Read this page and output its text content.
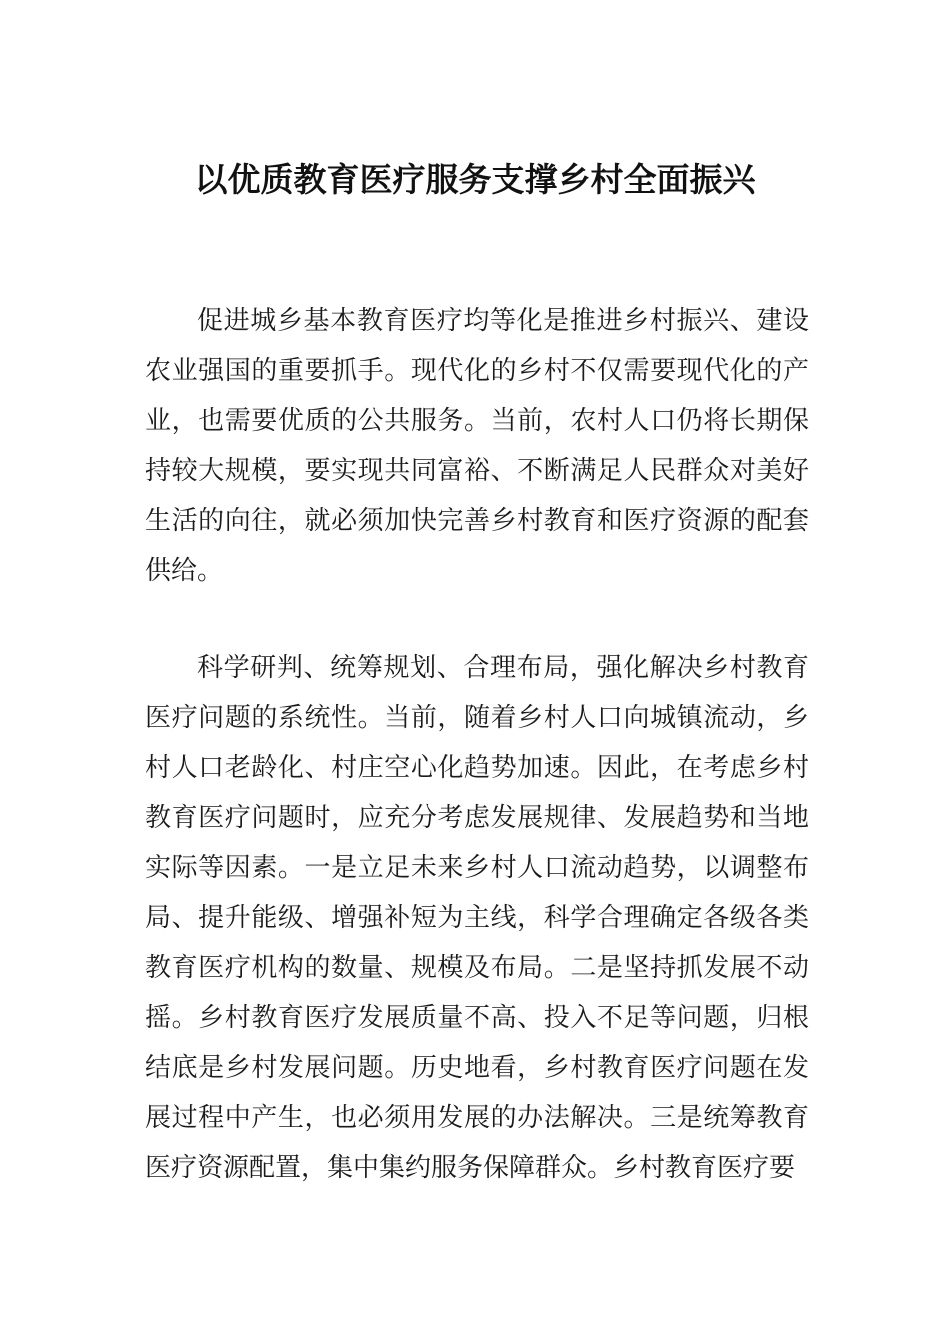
以优质教育医疗服务支撑乡村全面振兴

促进城乡基本教育医疗均等化是推进乡村振兴、建设农业强国的重要抓手。现代化的乡村不仅需要现代化的产业，也需要优质的公共服务。当前，农村人口仍将长期保持较大规模，要实现共同富裕、不断满足人民群众对美好生活的向往，就必须加快完善乡村教育和医疗资源的配套供给。

科学研判、统筹规划、合理布局，强化解决乡村教育医疗问题的系统性。当前，随着乡村人口向城镇流动，乡村人口老龄化、村庄空心化趋势加速。因此，在考虑乡村教育医疗问题时，应充分考虑发展规律、发展趋势和当地实际等因素。一是立足未来乡村人口流动趋势，以调整布局、提升能级、增强补短为主线，科学合理确定各级各类教育医疗机构的数量、规模及布局。二是坚持抓发展不动摇。乡村教育医疗发展质量不高、投入不足等问题，归根结底是乡村发展问题。历史地看，乡村教育医疗问题在发展过程中产生，也必须用发展的办法解决。三是统筹教育医疗资源配置，集中集约服务保障群众。乡村教育医疗要
